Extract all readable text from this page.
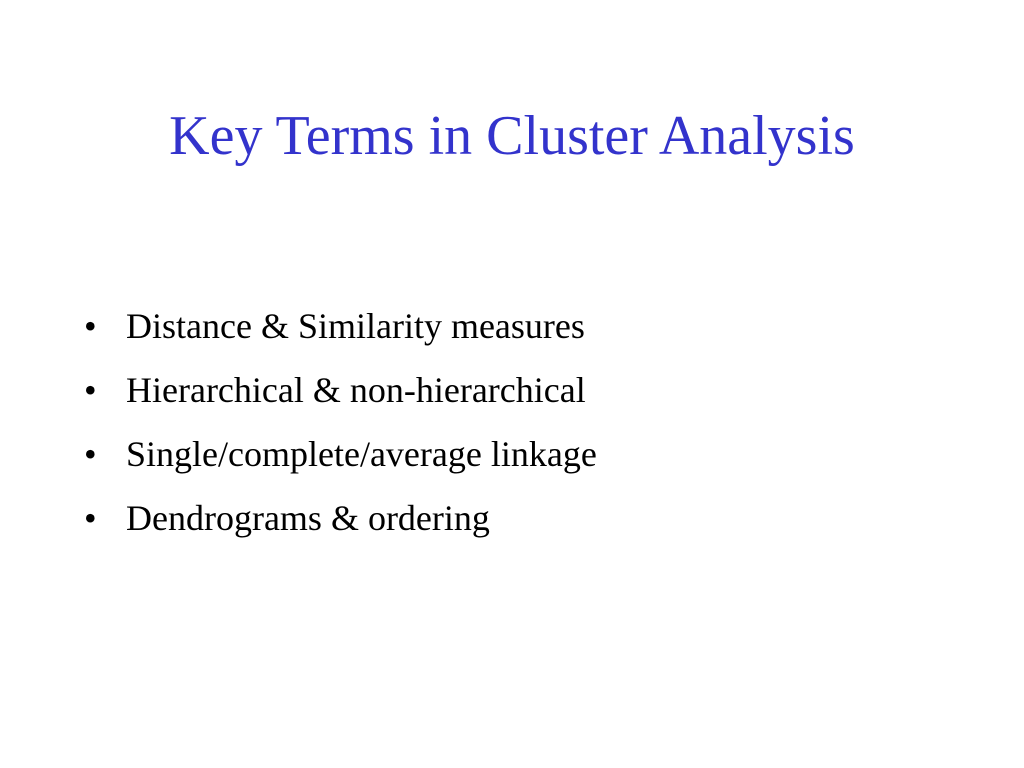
Key Terms in Cluster Analysis
• Distance & Similarity measures
• Hierarchical & non-hierarchical
• Single/complete/average linkage
• Dendrograms & ordering
